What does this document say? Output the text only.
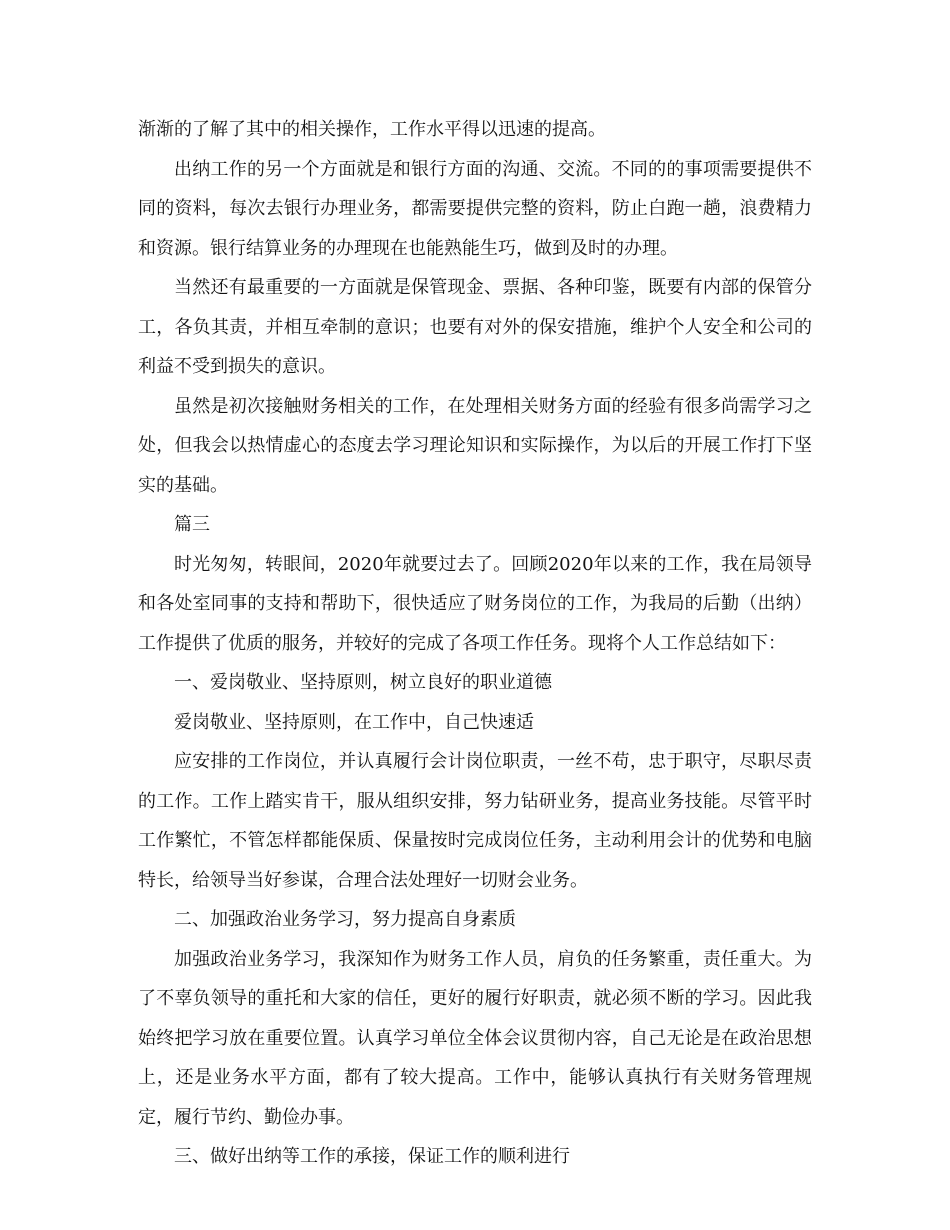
渐渐的了解了其中的相关操作，工作水平得以迅速的提高。

出纳工作的另一个方面就是和银行方面的沟通、交流。不同的的事项需要提供不同的资料，每次去银行办理业务，都需要提供完整的资料，防止白跑一趟，浪费精力和资源。银行结算业务的办理现在也能熟能生巧，做到及时的办理。

当然还有最重要的一方面就是保管现金、票据、各种印鉴，既要有内部的保管分工，各负其责，并相互牵制的意识；也要有对外的保安措施，维护个人安全和公司的利益不受到损失的意识。

虽然是初次接触财务相关的工作，在处理相关财务方面的经验有很多尚需学习之处，但我会以热情虚心的态度去学习理论知识和实际操作，为以后的开展工作打下坚实的基础。

篇三

时光匆匆，转眼间，2020年就要过去了。回顾2020年以来的工作，我在局领导和各处室同事的支持和帮助下，很快适应了财务岗位的工作，为我局的后勤（出纳）工作提供了优质的服务，并较好的完成了各项工作任务。现将个人工作总结如下：

一、爱岗敬业、坚持原则，树立良好的职业道德

爱岗敬业、坚持原则，在工作中，自己快速适

应安排的工作岗位，并认真履行会计岗位职责，一丝不苟，忠于职守，尽职尽责的工作。工作上踏实肯干，服从组织安排，努力钻研业务，提高业务技能。尽管平时工作繁忙，不管怎样都能保质、保量按时完成岗位任务，主动利用会计的优势和电脑特长，给领导当好参谋，合理合法处理好一切财会业务。

二、加强政治业务学习，努力提高自身素质

加强政治业务学习，我深知作为财务工作人员，肩负的任务繁重，责任重大。为了不辜负领导的重托和大家的信任，更好的履行好职责，就必须不断的学习。因此我始终把学习放在重要位置。认真学习单位全体会议贯彻内容，自己无论是在政治思想上，还是业务水平方面，都有了较大提高。工作中，能够认真执行有关财务管理规定，履行节约、勤俭办事。

三、做好出纳等工作的承接，保证工作的顺利进行
